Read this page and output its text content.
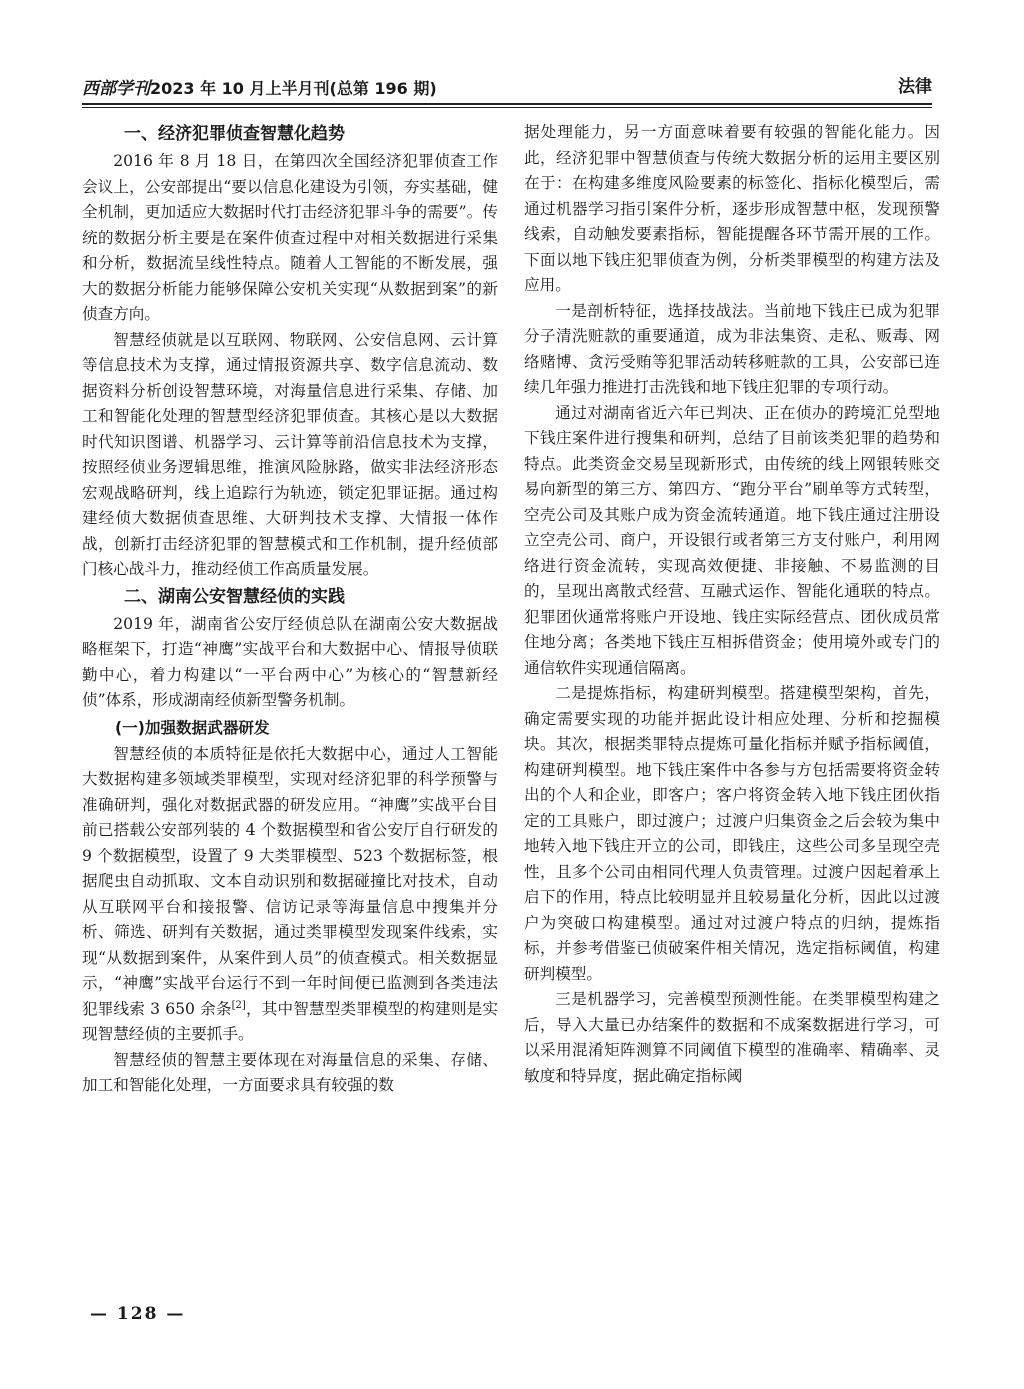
西部学刊2023 年 10 月上半月刊(总第 196 期)	法律
一、经济犯罪侦查智慧化趋势

2016 年 8 月 18 日，在第四次全国经济犯罪侦查工作会议上，公安部提出“要以信息化建设为引领，夯实基础，健全机制，更加适应大数据时代打击经济犯罪斗争的需要”。传统的数据分析主要是在案件侦查过程中对相关数据进行采集和分析，数据流呈线性特点。随着人工智能的不断发展，强大的数据分析能力能够保障公安机关实现“从数据到案”的新侦查方向。

智慧经侦就是以互联网、物联网、公安信息网、云计算等信息技术为支撑，通过情报资源共享、数字信息流动、数据资料分析创设智慧环境，对海量信息进行采集、存储、加工和智能化处理的智慧型经济犯罪侦查。其核心是以大数据时代知识图谱、机器学习、云计算等前沿信息技术为支撑，按照经侦业务逻辑思维，推演风险脉路，做实非法经济形态宏观战略研判，线上追踪行为轨迹，锁定犯罪证据。通过构建经侦大数据侦查思维、大研判技术支撑、大情报一体作战，创新打击经济犯罪的智慧模式和工作机制，提升经侦部门核心战斗力，推动经侦工作高质量发展。

二、湖南公安智慧经侦的实践

2019 年，湖南省公安厅经侦总队在湖南公安大数据战略框架下，打造“神鹰”实战平台和大数据中心、情报导侦联勤中心，着力构建以“一平台两中心”为核心的“智慧新经侦”体系，形成湖南经侦新型警务机制。

(一)加强数据武器研发

智慧经侦的本质特征是依托大数据中心，通过人工智能大数据构建多领域类罪模型，实现对经济犯罪的科学预警与准确研判，强化对数据武器的研发应用。“神鹰”实战平台目前已搭载公安部列装的 4 个数据模型和省公安厅自行研发的 9 个数据模型，设置了 9 大类罪模型、523 个数据标签，根据爬虫自动抓取、文本自动识别和数据碰撞比对技术，自动从互联网平台和接报警、信访记录等海量信息中搜集并分析、筛选、研判有关数据，通过类罪模型发现案件线索，实现“从数据到案件，从案件到人员”的侦查模式。相关数据显示，“神鹰”实战平台运行不到一年时间便已监测到各类违法犯罪线索 3 650 余条[2]，其中智慧型类罪模型的构建则是实现智慧经侦的主要抓手。

智慧经侦的智慧主要体现在对海量信息的采集、存储、加工和智能化处理，一方面要求具有较强的数

据处理能力，另一方面意味着要有较强的智能化能力。因此，经济犯罪中智慧侦查与传统大数据分析的运用主要区别在于：在构建多维度风险要素的标签化、指标化模型后，需通过机器学习指引案件分析，逐步形成智慧中枢，发现预警线索，自动触发要素指标，智能提醒各环节需开展的工作。下面以地下钱庄犯罪侦查为例，分析类罪模型的构建方法及应用。

一是剖析特征，选择技战法。当前地下钱庄已成为犯罪分子清洗赃款的重要通道，成为非法集资、走私、贩毒、网络赌博、贪污受贿等犯罪活动转移赃款的工具，公安部已连续几年强力推进打击洗钱和地下钱庄犯罪的专项行动。

通过对湖南省近六年已判决、正在侦办的跨境汇兑型地下钱庄案件进行搜集和研判，总结了目前该类犯罪的趋势和特点。此类资金交易呈现新形式，由传统的线上网银转账交易向新型的第三方、第四方、“跑分平台”刷单等方式转型，空壳公司及其账户成为资金流转通道。地下钱庄通过注册设立空壳公司、商户，开设银行或者第三方支付账户，利用网络进行资金流转，实现高效便捷、非接触、不易监测的目的，呈现出离散式经营、互融式运作、智能化通联的特点。犯罪团伙通常将账户开设地、钱庄实际经营点、团伙成员常住地分离；各类地下钱庄互相拆借资金；使用境外或专门的通信软件实现通信隔离。

二是提炼指标，构建研判模型。搭建模型架构，首先，确定需要实现的功能并据此设计相应处理、分析和挖掘模块。其次，根据类罪特点提炼可量化指标并赋予指标阈值，构建研判模型。地下钱庄案件中各参与方包括需要将资金转出的个人和企业，即客户；客户将资金转入地下钱庄团伙指定的工具账户，即过渡户；过渡户归集资金之后会较为集中地转入地下钱庄开立的公司，即钱庄，这些公司多呈现空壳性，且多个公司由相同代理人负责管理。过渡户因起着承上启下的作用，特点比较明显并且较易量化分析，因此以过渡户为突破口构建模型。通过对过渡户特点的归纳，提炼指标，并参考借鉴已侦破案件相关情况，选定指标阈值，构建研判模型。

三是机器学习，完善模型预测性能。在类罪模型构建之后，导入大量已办结案件的数据和不成案数据进行学习，可以采用混淆矩阵测算不同阈值下模型的准确率、精确率、灵敏度和特异度，据此确定指标阈

— 128 —
